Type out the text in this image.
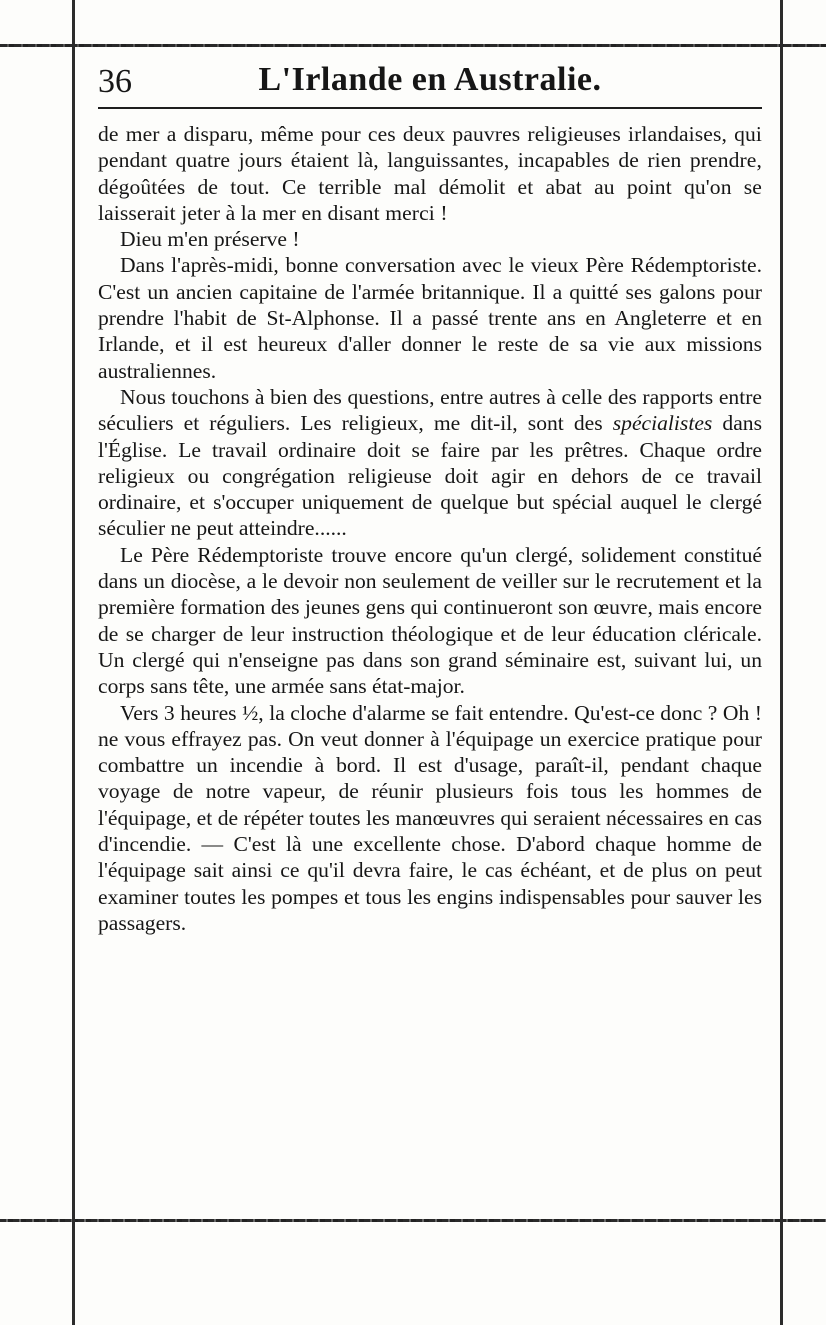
36	L'Irlande en Australie.

de mer a disparu, même pour ces deux pauvres religieuses irlandaises, qui pendant quatre jours étaient là, languissantes, incapables de rien prendre, dégoûtées de tout. Ce terrible mal démolit et abat au point qu'on se laisserait jeter à la mer en disant merci !

Dieu m'en préserve !

Dans l'après-midi, bonne conversation avec le vieux Père Rédemptoriste. C'est un ancien capitaine de l'armée britannique. Il a quitté ses galons pour prendre l'habit de St-Alphonse. Il a passé trente ans en Angleterre et en Irlande, et il est heureux d'aller donner le reste de sa vie aux missions australiennes.

Nous touchons à bien des questions, entre autres à celle des rapports entre séculiers et réguliers. Les religieux, me dit-il, sont des spécialistes dans l'Église. Le travail ordinaire doit se faire par les prêtres. Chaque ordre religieux ou congrégation religieuse doit agir en dehors de ce travail ordinaire, et s'occuper uniquement de quelque but spécial auquel le clergé séculier ne peut atteindre......

Le Père Rédemptoriste trouve encore qu'un clergé, solidement constitué dans un diocèse, a le devoir non seulement de veiller sur le recrutement et la première formation des jeunes gens qui continueront son œuvre, mais encore de se charger de leur instruction théologique et de leur éducation cléricale. Un clergé qui n'enseigne pas dans son grand séminaire est, suivant lui, un corps sans tête, une armée sans état-major.

Vers 3 heures ½, la cloche d'alarme se fait entendre. Qu'est-ce donc ? Oh ! ne vous effrayez pas. On veut donner à l'équipage un exercice pratique pour combattre un incendie à bord. Il est d'usage, paraît-il, pendant chaque voyage de notre vapeur, de réunir plusieurs fois tous les hommes de l'équipage, et de répéter toutes les manœuvres qui seraient nécessaires en cas d'incendie. — C'est là une excellente chose. D'abord chaque homme de l'équipage sait ainsi ce qu'il devra faire, le cas échéant, et de plus on peut examiner toutes les pompes et tous les engins indispensables pour sauver les passagers.
